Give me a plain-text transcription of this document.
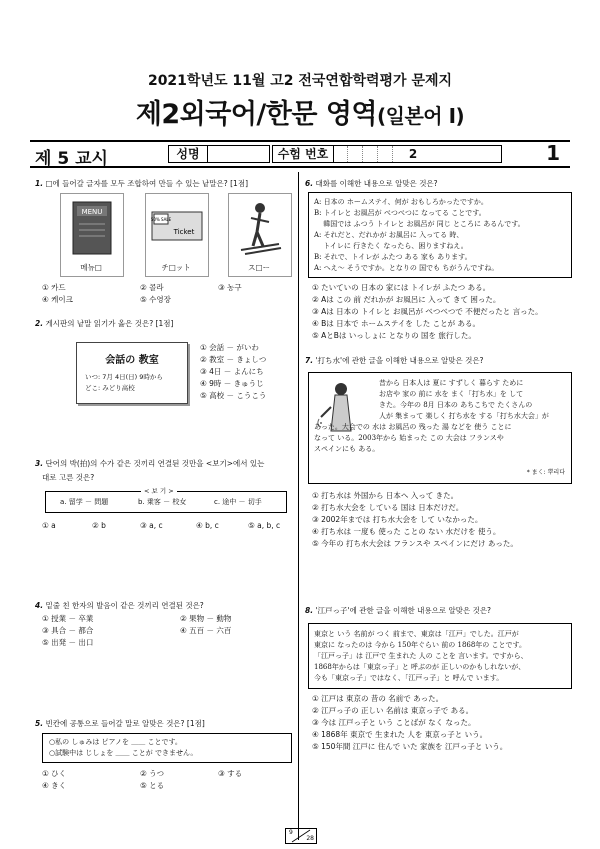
2021학년도 11월 고2 전국연합학력평가 문제지
제2외국어/한문 영역(일본어 I)
제 5 교시	성명	수험 번호	2	1
1. □에 들어갈 글자를 모두 조합하여 만들 수 있는 낱말은? [1점]
MENU
50% SALE
Ticket
메뉴□	チ□ット	ス□ー
① 카드	② 콜라	③ 농구
④ 케이크	⑤ 수영장
2. 게시판의 낱말 읽기가 옳은 것은? [1점]
会話の 教室
いつ: 7月 4日(日) 9時から
どこ: みどり高校
① 会話 － がいわ
② 教室 － きょしつ
③ 4日 － よんにち
④ 9時 － きゅうじ
⑤ 高校 － こうこう
3. 단어의 박(拍)의 수가 같은 것끼리 연결된 것만을 <보기>에서 있는
대로 고른 것은?
< 보 기 >
a. 留学 － 問題	b. 乗客 － 校女	c. 途中 － 切手
① a	② b	③ a, c	④ b, c	⑤ a, b, c
4. 밑줄 친 한자의 발음이 같은 것끼리 연결된 것은?
① 授業 － 卒業	② 果物 － 動物
③ 具合 － 都合	④ 五百 － 六百
⑤ 出発 － 出口
5. 빈칸에 공통으로 들어갈 말로 알맞은 것은? [1점]
○私の しゅみは ピアノを ＿＿ ことです。
○試験中は じしょを ＿＿ ことが できません。
① ひく	② うつ	③ する
④ きく	⑤ とる
6. 대화를 이해한 내용으로 알맞은 것은?
A: 日本の ホームステイ、何が おもしろかったですか。
B: トイレと お風呂が べつべつに なってる ことです。
　 韓国では ふつう トイレと お風呂が 同じ ところに あるんです。
A: それだと、だれかが お風呂に 入ってる 時、
　 トイレに 行きたく なったら、困りますねえ。
B: それで、トイレが ふたつ ある 家も あります。
A: へえ～ そうですか。となりの 国でも ちがうんですね。
① たいていの 日本の 家には トイレが ふたつ ある。
② Aは この 前 だれかが お風呂に 入って きて 困った。
③ Aは 日本の トイレと お風呂が べつべつで 不便だったと 言った。
④ Bは 日本で ホームステイを した ことが ある。
⑤ AとBは いっしょに となりの 国を 旅行した。
7. '打ち水'에 관한 글을 이해한 내용으로 알맞은 것은?
昔から 日本人は 夏に すずしく 暮らす ために
お店や 家の 前に 水を まく「打ち水」を して
きた。今年の 8月 日本の あちこちで たくさんの
人が 集まって 楽しく 打ち水を する「打ち水大会」が
あった。大会での 水は お風呂の 残った 湯 などを 使う ことに
なって いる。2003年から 始まった この 大会は フランスや
スペインにも ある。
* まく: 뿌리다
① 打ち水は 外国から 日本へ 入って きた。
② 打ち水大会を している 国は 日本だけだ。
③ 2002年までは 打ち水大会を して いなかった。
④ 打ち水は 一度も 使った ことの ない 水だけを 使う。
⑤ 今年の 打ち水大会は フランスや スペインにだけ あった。
8. '江戸っ子'에 관한 글을 이해한 내용으로 알맞은 것은?
東京と いう 名前が つく 前まで、東京は「江戸」でした。江戸が
東京に なったのは 今から 150年ぐらい 前の 1868年の ことです。
「江戸っ子」は 江戸で 生まれた 人の ことを 言います。ですから、
1868年からは「東京っ子」と 呼ぶのが 正しいのかもしれないが、
今も「東京っ子」ではなく、「江戸っ子」と 呼んで います。
① 江戸は 東京の 昔の 名前で あった。
② 江戸っ子の 正しい 名前は 東京っ子で ある。
③ 今は 江戸っ子と いう ことばが なく なった。
④ 1868年 東京で 生まれた 人を 東京っ子と いう。
⑤ 150年間 江戸に 住んで いた 家族を 江戸っ子と いう。
9
28
